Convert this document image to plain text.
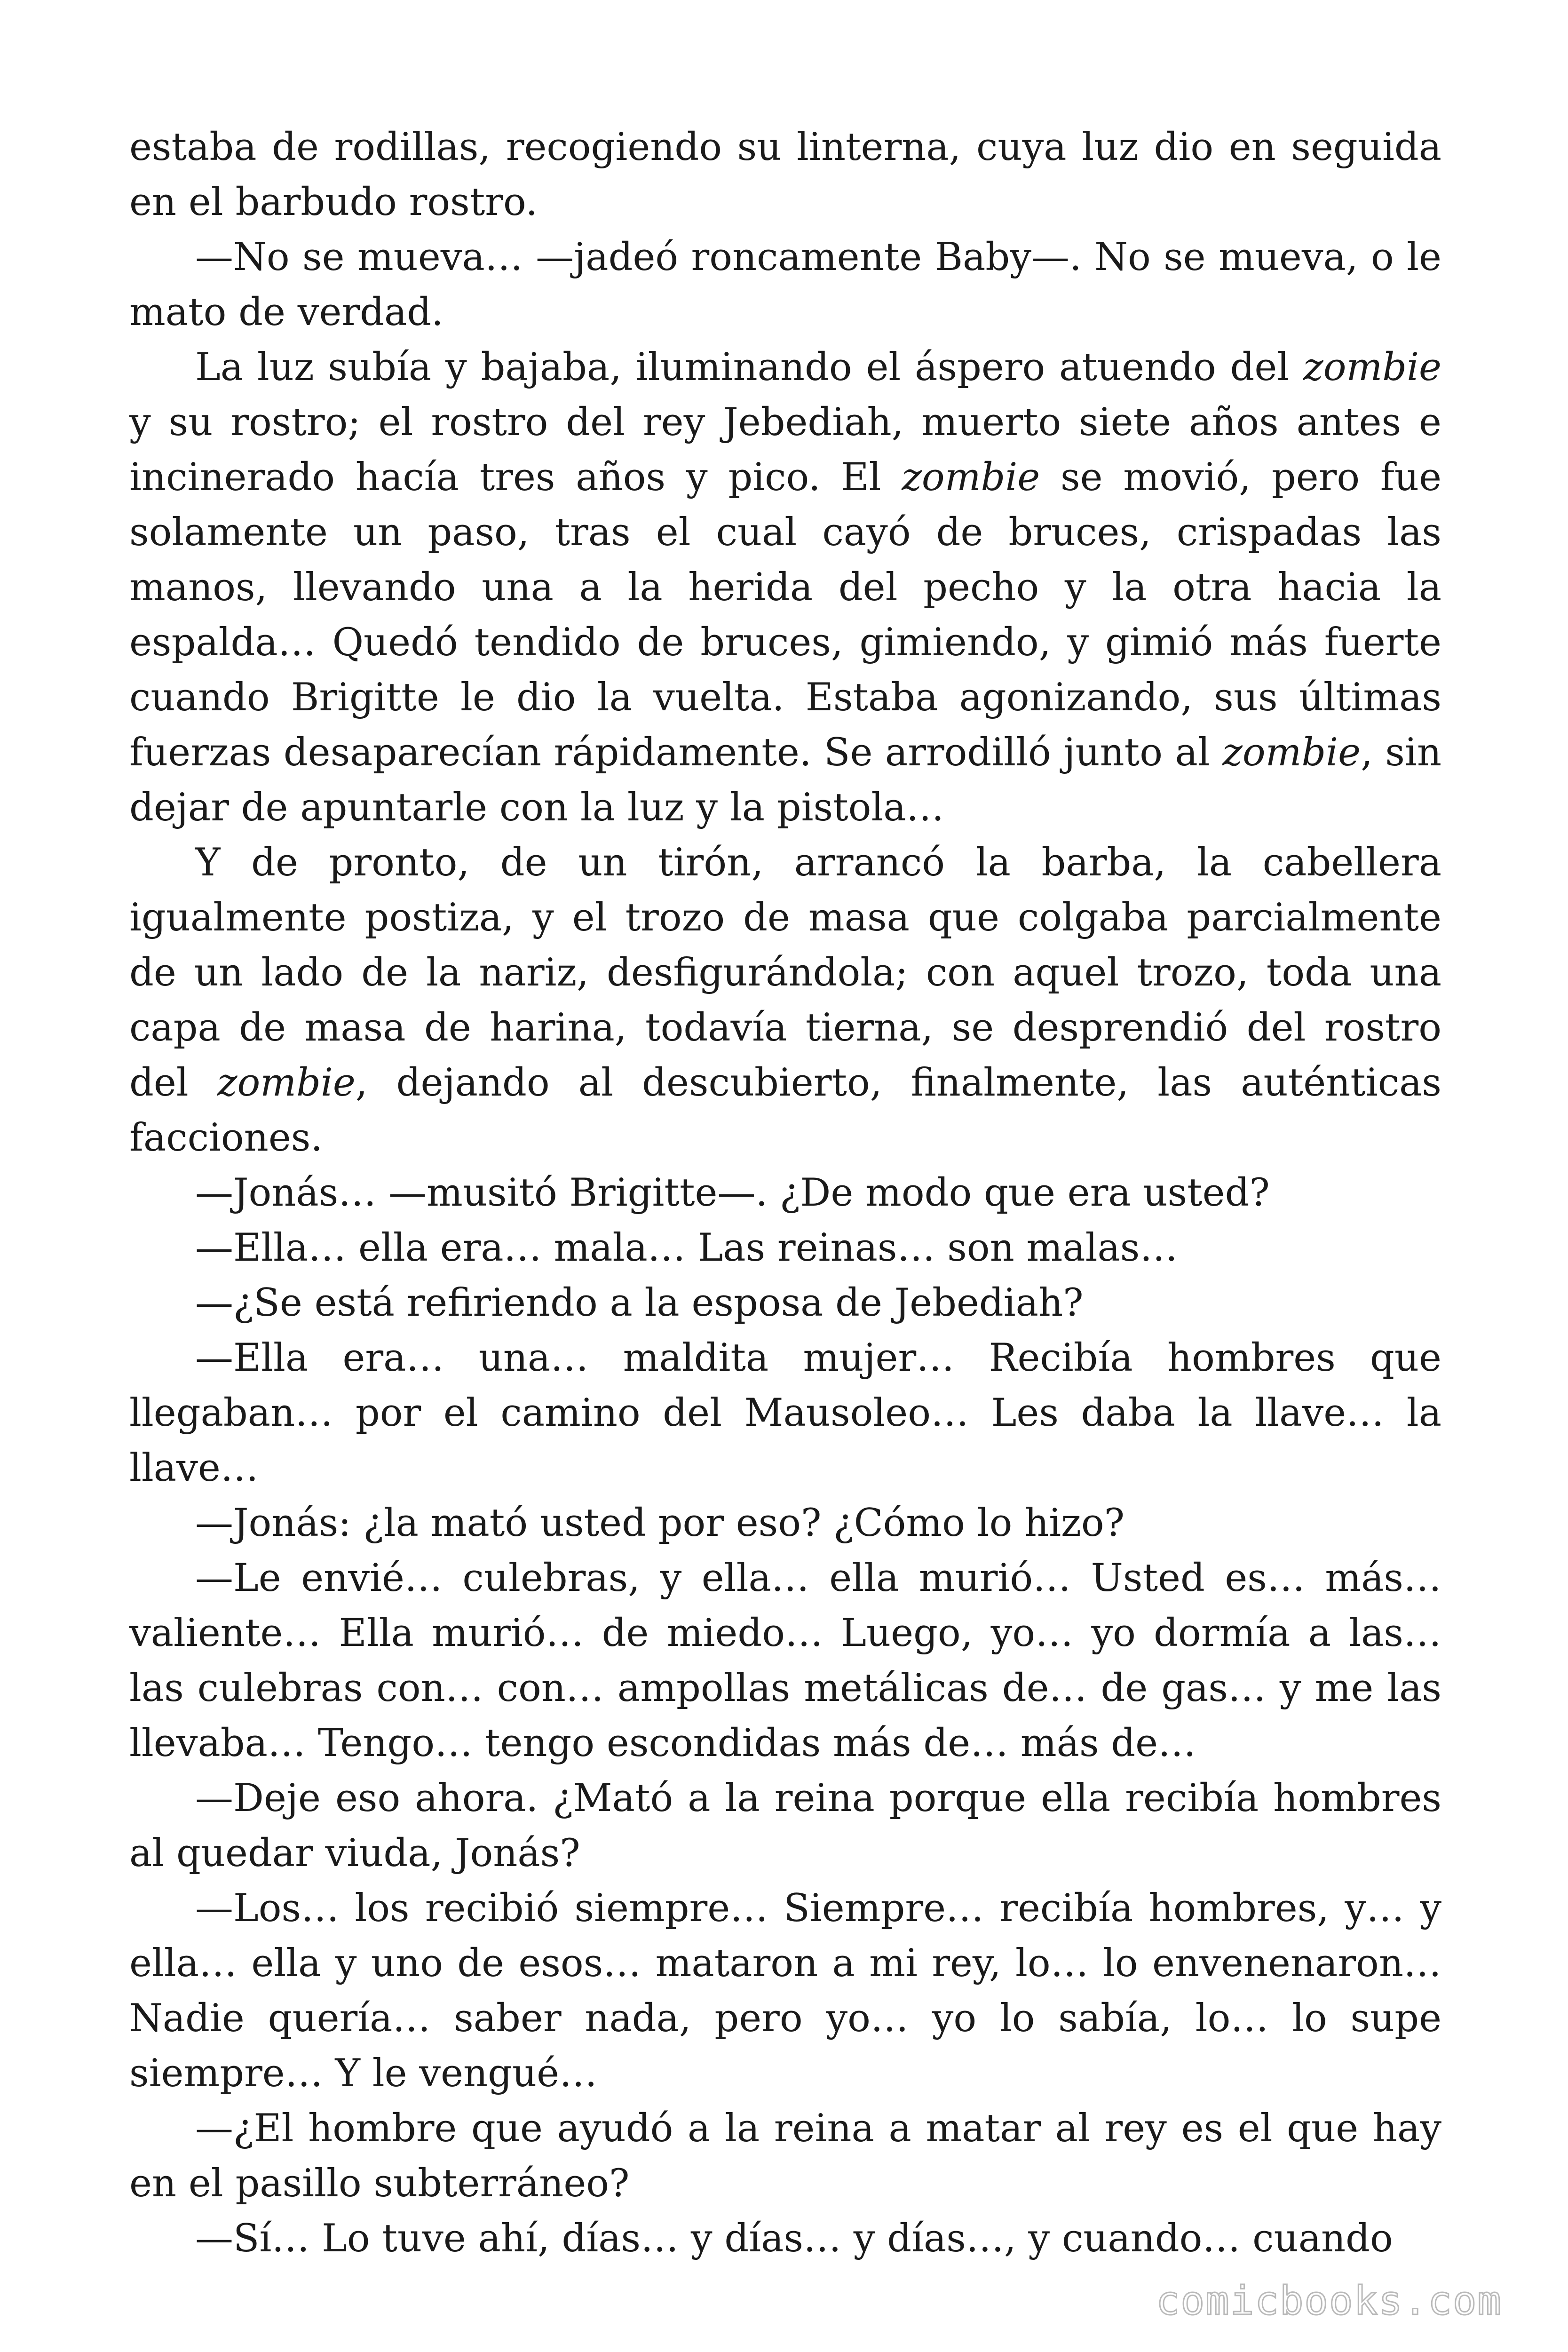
estaba de rodillas, recogiendo su linterna, cuya luz dio en seguida en el barbudo rostro.

—No se mueva… —jadeó roncamente Baby—. No se mueva, o le mato de verdad.

La luz subía y bajaba, iluminando el áspero atuendo del zombie y su rostro; el rostro del rey Jebediah, muerto siete años antes e incinerado hacía tres años y pico. El zombie se movió, pero fue solamente un paso, tras el cual cayó de bruces, crispadas las manos, llevando una a la herida del pecho y la otra hacia la espalda… Quedó tendido de bruces, gimiendo, y gimió más fuerte cuando Brigitte le dio la vuelta. Estaba agonizando, sus últimas fuerzas desaparecían rápidamente. Se arrodilló junto al zombie, sin dejar de apuntarle con la luz y la pistola…

Y de pronto, de un tirón, arrancó la barba, la cabellera igualmente postiza, y el trozo de masa que colgaba parcialmente de un lado de la nariz, desfigurándola; con aquel trozo, toda una capa de masa de harina, todavía tierna, se desprendió del rostro del zombie, dejando al descubierto, finalmente, las auténticas facciones.

—Jonás… —musitó Brigitte—. ¿De modo que era usted?

—Ella… ella era… mala… Las reinas… son malas…

—¿Se está refiriendo a la esposa de Jebediah?

—Ella era… una… maldita mujer… Recibía hombres que llegaban… por el camino del Mausoleo… Les daba la llave… la llave…

—Jonás: ¿la mató usted por eso? ¿Cómo lo hizo?

—Le envié… culebras, y ella… ella murió… Usted es… más… valiente… Ella murió… de miedo… Luego, yo… yo dormía a las… las culebras con… con… ampollas metálicas de… de gas… y me las llevaba… Tengo… tengo escondidas más de… más de…

—Deje eso ahora. ¿Mató a la reina porque ella recibía hombres al quedar viuda, Jonás?

—Los… los recibió siempre… Siempre… recibía hombres, y… y ella… ella y uno de esos… mataron a mi rey, lo… lo envenenaron… Nadie quería… saber nada, pero yo… yo lo sabía, lo… lo supe siempre… Y le vengué…

—¿El hombre que ayudó a la reina a matar al rey es el que hay en el pasillo subterráneo?

—Sí… Lo tuve ahí, días… y días… y días…, y cuando… cuando

comicbooks.com
